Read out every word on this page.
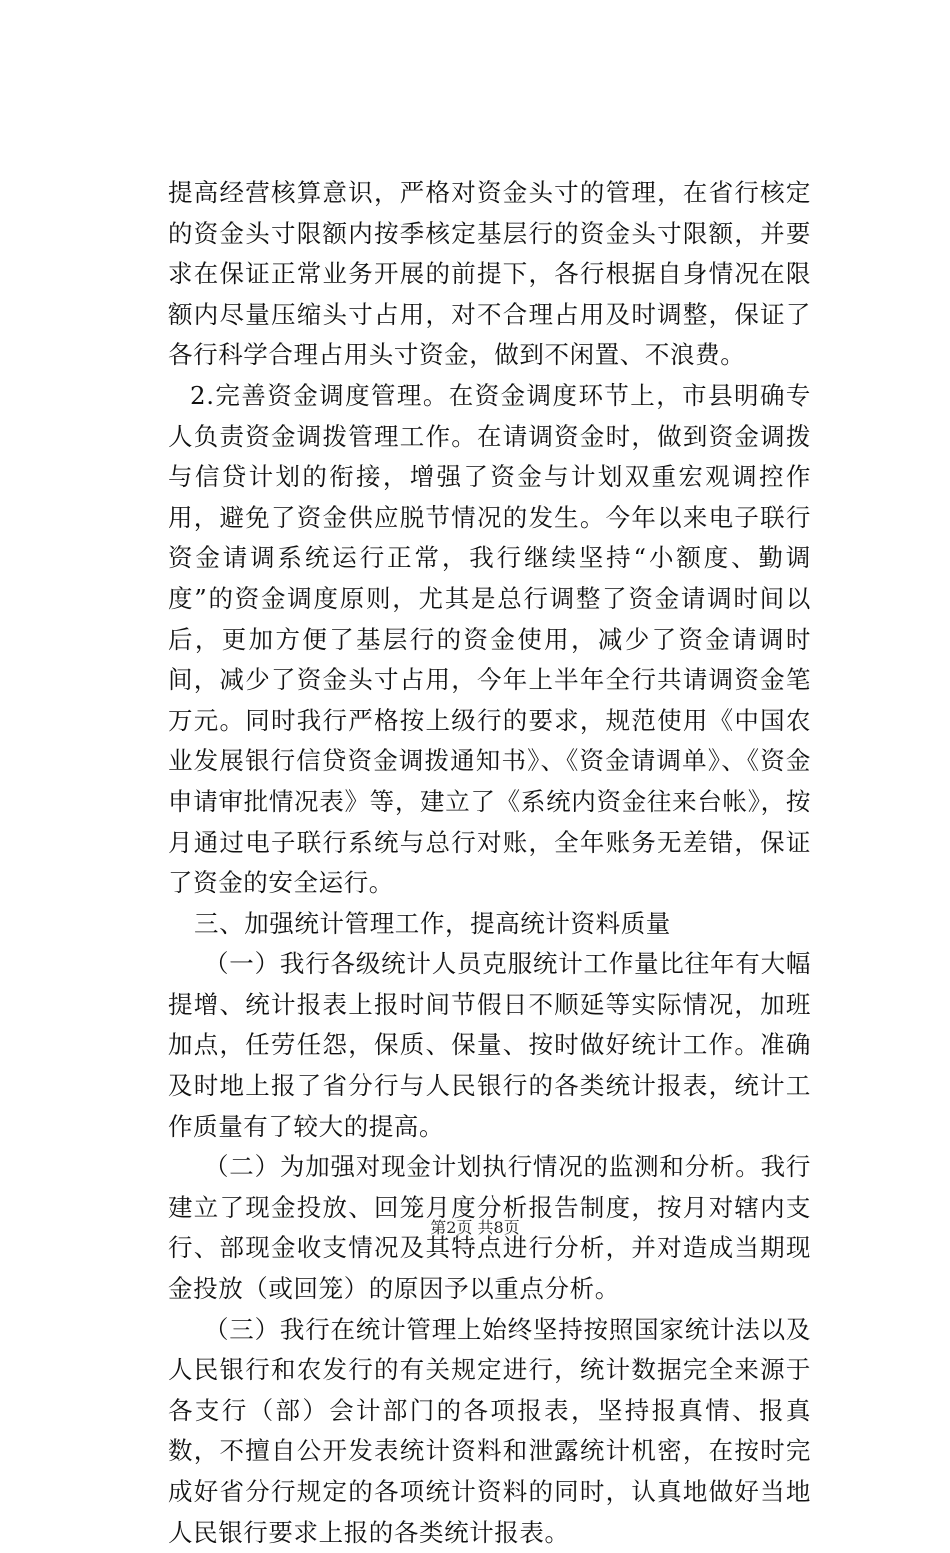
提高经营核算意识，严格对资金头寸的管理，在省行核定的资金头寸限额内按季核定基层行的资金头寸限额，并要求在保证正常业务开展的前提下，各行根据自身情况在限额内尽量压缩头寸占用，对不合理占用及时调整，保证了各行科学合理占用头寸资金，做到不闲置、不浪费。

2.完善资金调度管理。在资金调度环节上，市县明确专人负责资金调拨管理工作。在请调资金时，做到资金调拨与信贷计划的衔接，增强了资金与计划双重宏观调控作用，避免了资金供应脱节情况的发生。今年以来电子联行资金请调系统运行正常，我行继续坚持“小额度、勤调度”的资金调度原则，尤其是总行调整了资金请调时间以后，更加方便了基层行的资金使用，减少了资金请调时间，减少了资金头寸占用，今年上半年全行共请调资金笔万元。同时我行严格按上级行的要求，规范使用《中国农业发展银行信贷资金调拨通知书》、《资金请调单》、《资金申请审批情况表》等，建立了《系统内资金往来台帐》，按月通过电子联行系统与总行对账，全年账务无差错，保证了资金的安全运行。

三、加强统计管理工作，提高统计资料质量

（一）我行各级统计人员克服统计工作量比往年有大幅提增、统计报表上报时间节假日不顺延等实际情况，加班加点，任劳任怨，保质、保量、按时做好统计工作。准确及时地上报了省分行与人民银行的各类统计报表，统计工作质量有了较大的提高。

（二）为加强对现金计划执行情况的监测和分析。我行建立了现金投放、回笼月度分析报告制度，按月对辖内支行、部现金收支情况及其特点进行分析，并对造成当期现金投放（或回笼）的原因予以重点分析。

（三）我行在统计管理上始终坚持按照国家统计法以及人民银行和农发行的有关规定进行，统计数据完全来源于各支行（部）会计部门的各项报表，坚持报真情、报真数，不擅自公开发表统计资料和泄露统计机密，在按时完成好省分行规定的各项统计资料的同时，认真地做好当地人民银行要求上报的各类统计报表。

第2页 共8页
